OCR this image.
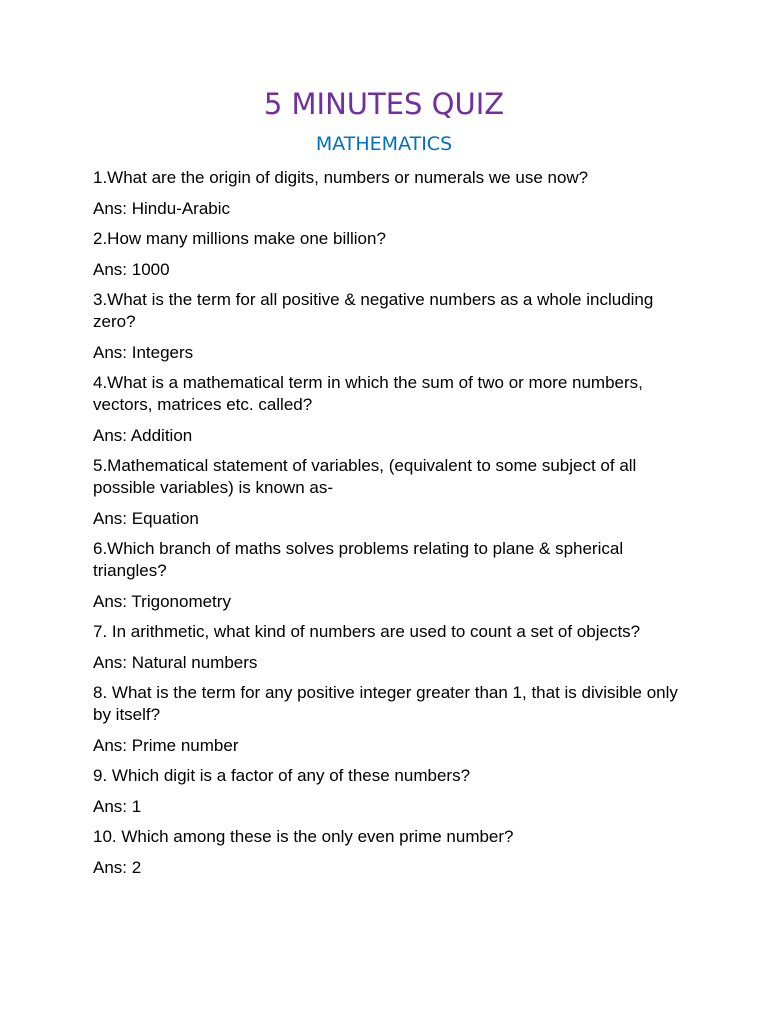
5 MINUTES QUIZ
MATHEMATICS

1.What are the origin of digits, numbers or numerals we use now?

Ans: Hindu-Arabic

2.How many millions make one billion?

Ans: 1000

3.What is the term for all positive & negative numbers as a whole including zero?

Ans: Integers

4.What is a mathematical term in which the sum of two or more numbers, vectors, matrices etc. called?

Ans: Addition

5.Mathematical statement of variables, (equivalent to some subject of all possible variables) is known as-

Ans: Equation

6.Which branch of maths solves problems relating to plane & spherical triangles?

Ans: Trigonometry

7. In arithmetic, what kind of numbers are used to count a set of objects?

Ans: Natural numbers

8. What is the term for any positive integer greater than 1, that is divisible only by itself?

Ans: Prime number

9. Which digit is a factor of any of these numbers?

Ans: 1

10. Which among these is the only even prime number?

Ans: 2
